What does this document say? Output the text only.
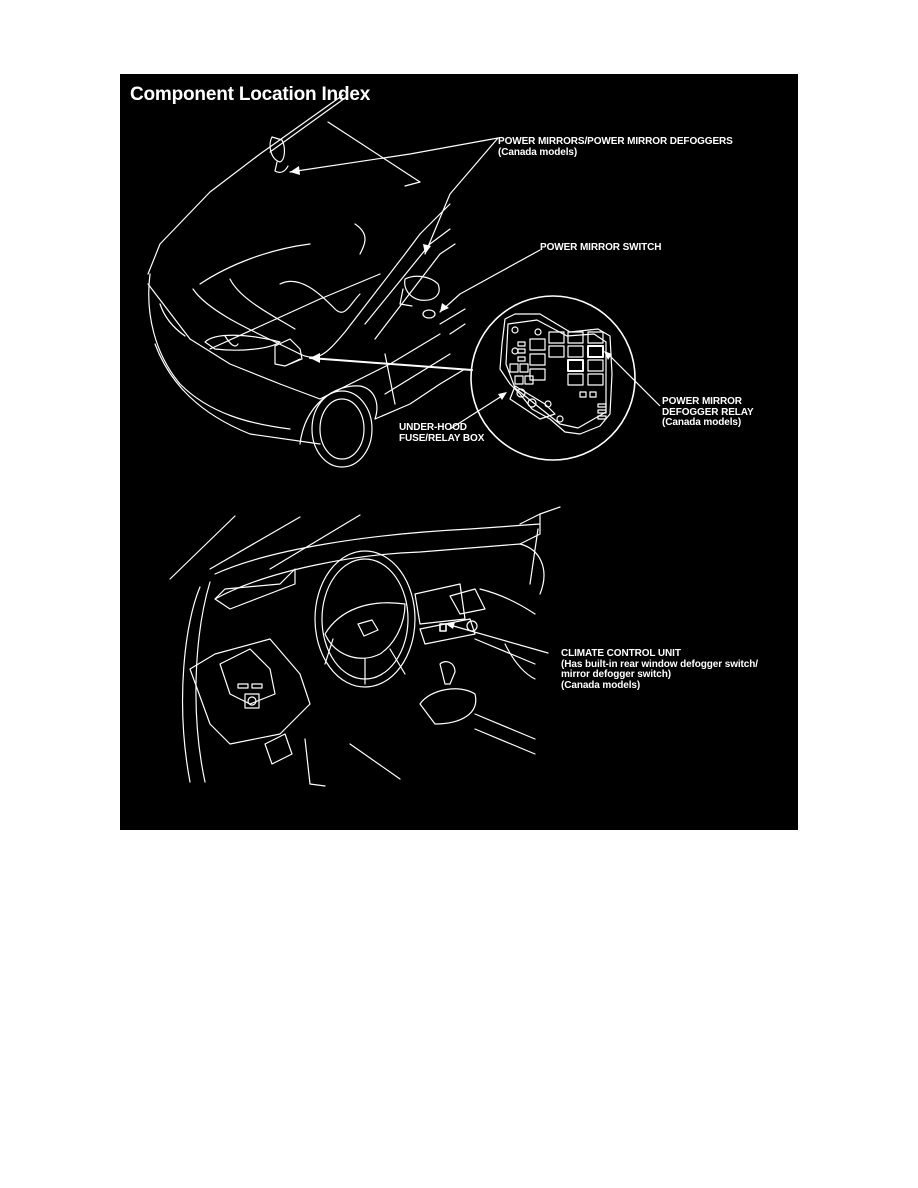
Component Location Index
POWER MIRRORS/POWER MIRROR DEFOGGERS
(Canada models)
POWER MIRROR SWITCH
UNDER-HOOD
FUSE/RELAY BOX
POWER MIRROR
DEFOGGER RELAY
(Canada models)
CLIMATE CONTROL UNIT
(Has built-in rear window defogger switch/
mirror defogger switch)
(Canada models)
